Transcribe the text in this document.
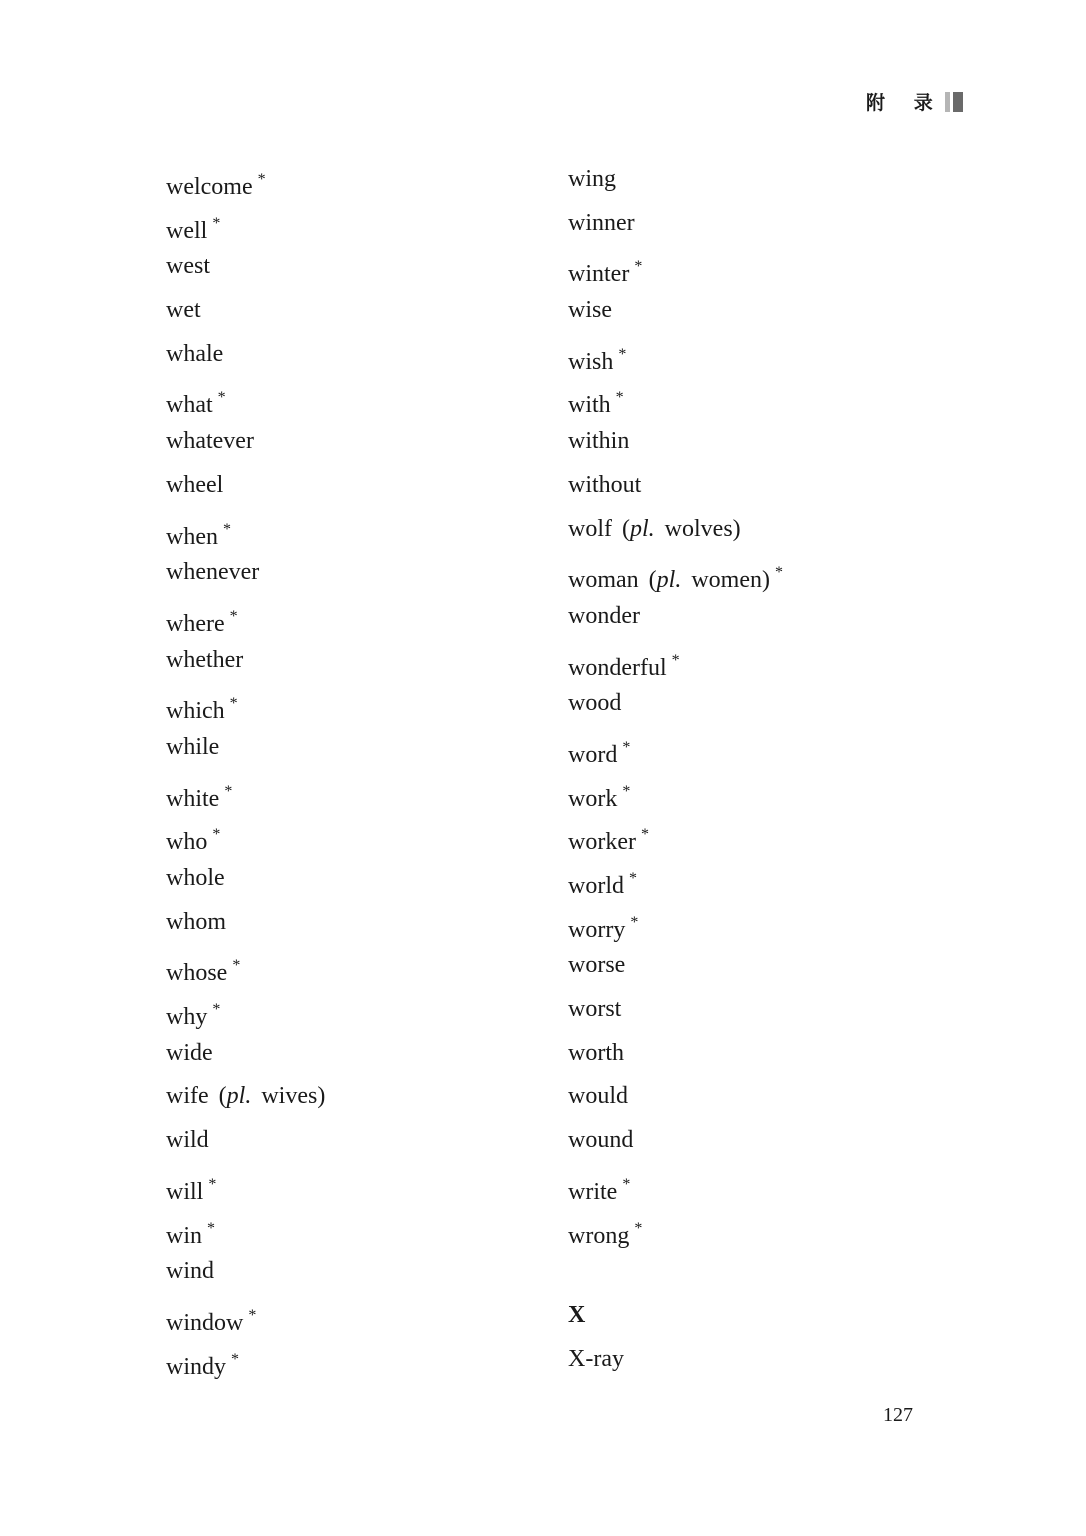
附 录
welcome *
well *
west
wet
whale
what *
whatever
wheel
when *
whenever
where *
whether
which *
while
white *
who *
whole
whom
whose *
why *
wide
wife (pl. wives)
wild
will *
win *
wind
window *
windy *
wing
winner
winter *
wise
wish *
with *
within
without
wolf (pl. wolves)
woman (pl. women) *
wonder
wonderful *
wood
word *
work *
worker *
world *
worry *
worse
worst
worth
would
wound
write *
wrong *
X
X-ray
127
